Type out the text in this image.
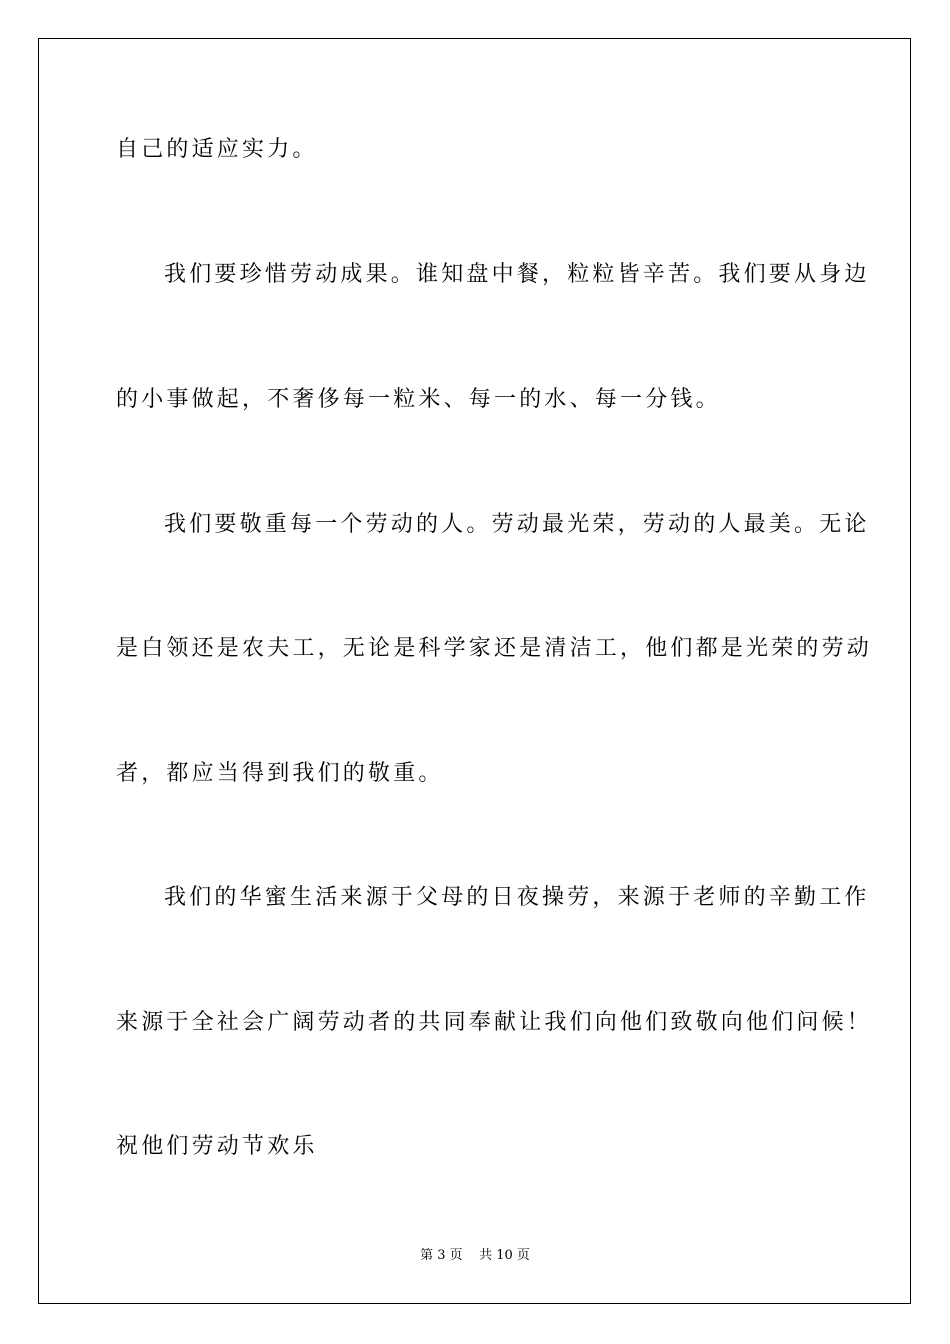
自己的适应实力。
我们要珍惜劳动成果。谁知盘中餐，粒粒皆辛苦。我们要从身边
的小事做起，不奢侈每一粒米、每一的水、每一分钱。
我们要敬重每一个劳动的人。劳动最光荣，劳动的人最美。无论
是白领还是农夫工，无论是科学家还是清洁工，他们都是光荣的劳动
者，都应当得到我们的敬重。
我们的华蜜生活来源于父母的日夜操劳，来源于老师的辛勤工作
来源于全社会广阔劳动者的共同奉献让我们向他们致敬向他们问候！
祝他们劳动节欢乐
第 3 页    共 10 页
